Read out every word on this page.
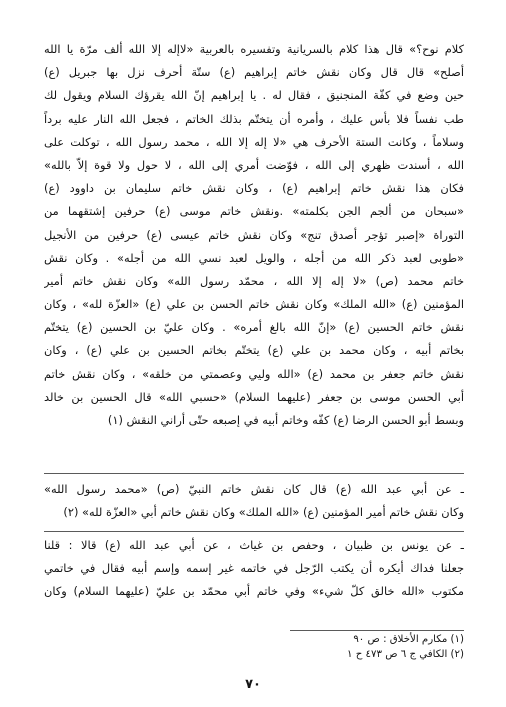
كلام نوح؟» قال هذا كلام بالسريانية وتفسيره بالعربية «لاإله إلا الله ألف مرّة يا الله
أصلح» قال قال وكان نقش خاتم إبراهيم (ع) ستّة أحرف نزل بها جبريل (ع)
حين وضع في كفّة المنجنيق ، فقال له . يا إبراهيم إنّ الله يقرؤك السلام ويقول لك
طب نفساً فلا بأس عليك ، وأمره أن يتختّم بذلك الخاتم ، فجعل الله النار عليه برداً
وسلاماً ، وكانت الستة الأحرف هي «لا إله إلا الله ، محمد رسول الله ، توكلت على
الله ، أسندت ظهري إلى الله ، فوّضت أمري إلى الله ، لا حول ولا قوة إلاّ بالله»
فكان هذا نقش خاتم إبراهيم (ع) ، وكان نقش خاتم سليمان بن داوود (ع)
«سبحان من ألجم الجن بكلمته» .ونقش خاتم موسى (ع) حرفين إشتقهما من
التوراة «إصبر تؤجر أصدق تنج» وكان نقش خاتم عيسى (ع) حرفين من الأنجيل
«طوبى لعبد ذكر الله من أجله ، والويل لعبد نسي الله من أجله» . وكان نقش
خاتم محمد (ص) «لا إله إلا الله ، محمّد رسول الله» وكان نقش خاتم أمير
المؤمنين (ع) «الله الملك» وكان نقش خاتم الحسن بن علي (ع) «العزّة لله» ، وكان
نقش خاتم الحسين (ع) «إنّ الله بالغ أمره» . وكان عليّ بن الحسين (ع) يتختّم
بخاتم أبيه ، وكان محمد بن علي (ع) يتختّم بخاتم الحسين بن علي (ع) ، وكان
نقش خاتم جعفر بن محمد (ع) «الله وليي وعصمتي من خلقه» ، وكان نقش خاتم
أبي الحسن موسى بن جعفر (عليهما السلام) «حسبي الله» قال الحسين بن خالد
وبسط أبو الحسن الرضا (ع) كفّه وخاتم أبيه في إصبعه حتّى أراني النقش (١)
ـ عن أبي عبد الله (ع) قال كان نقش خاتم النبيّ (ص) «محمد رسول الله»
وكان نقش خاتم أمير المؤمنين (ع) «الله الملك» وكان نقش خاتم أبي «العزّة لله» (٢)
ـ عن يونس بن ظبيان ، وحفص بن غياث ، عن أبي عبد الله (ع) قالا : قلنا
جعلنا فداك أيكره أن يكتب الرّجل في خاتمه غير إسمه وإسم أبيه فقال في خاتمي
مكتوب «الله خالق كلّ شيء» وفي خاتم أبي محمّد بن عليّ (عليهما السلام) وكان
(١) مكارم الأخلاق : ص ٩٠
(٢) الكافي ج ٦ ص ٤٧٣ ح ١
٧٠
